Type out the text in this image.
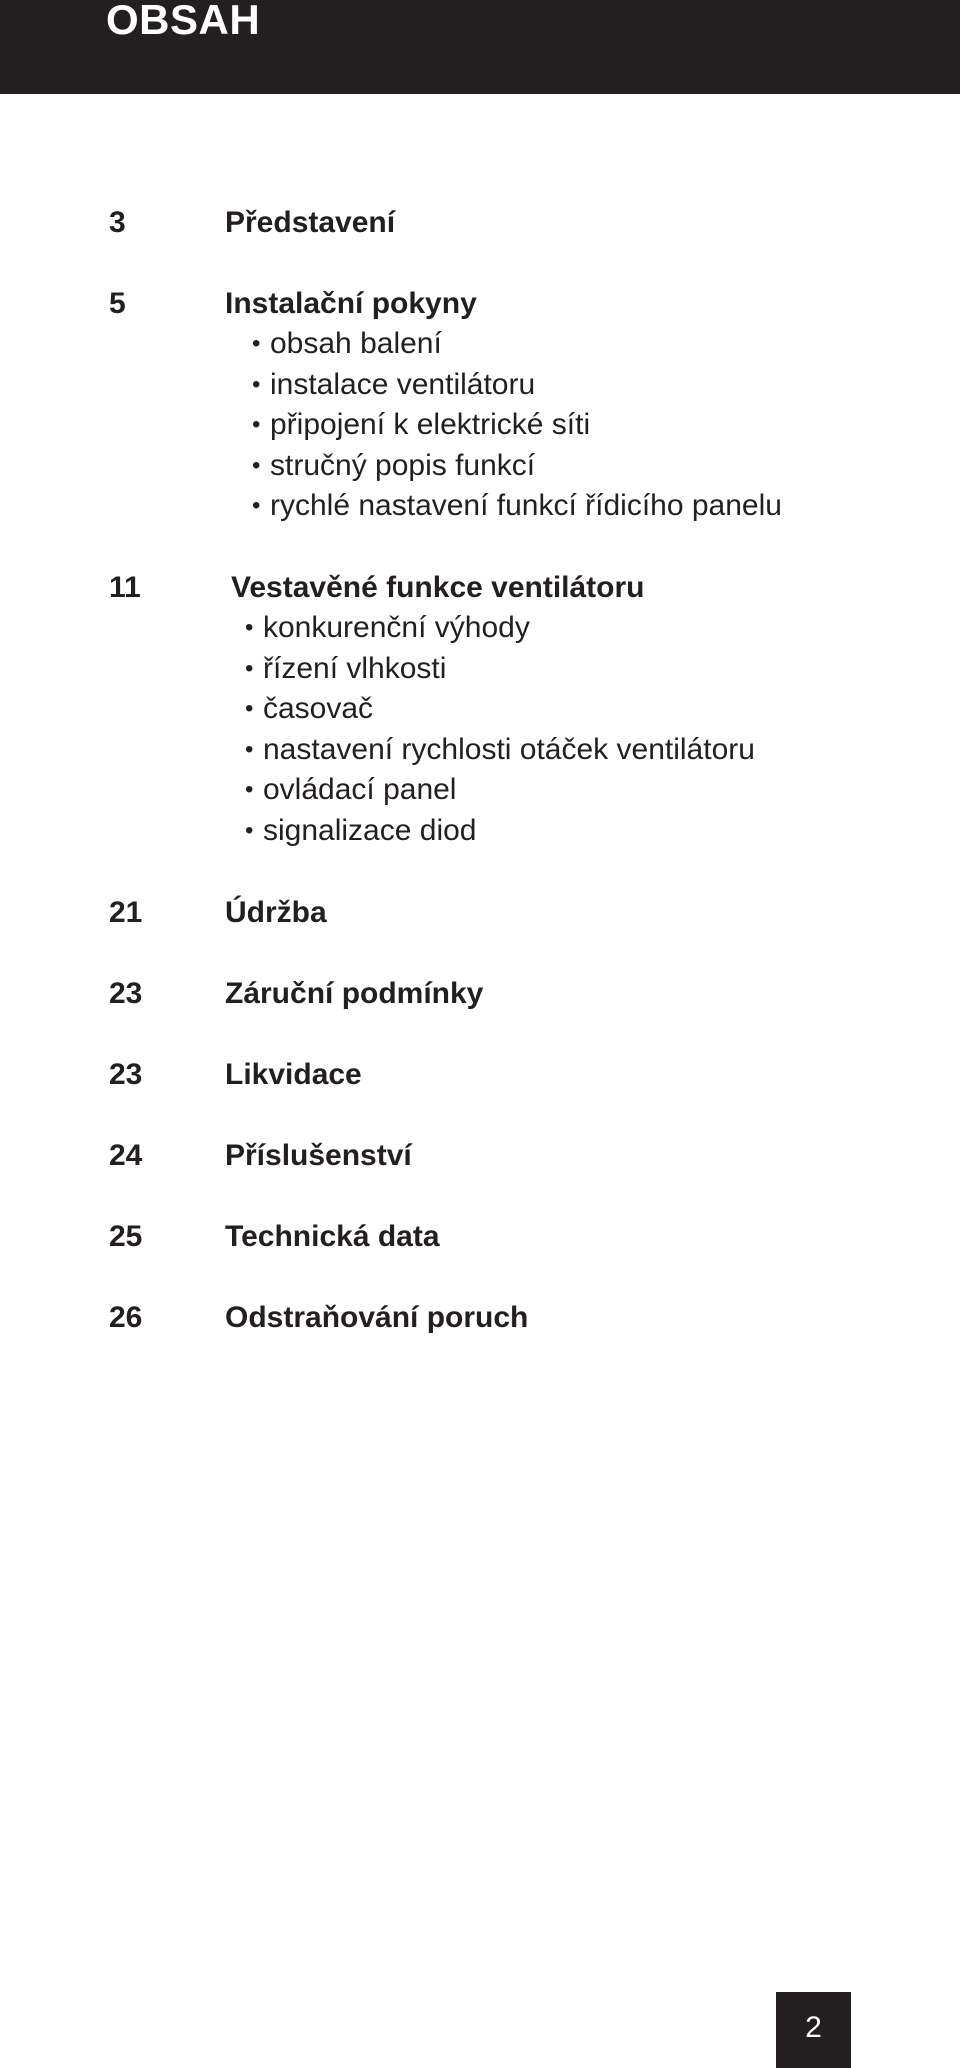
OBSAH
3	Představení
5	Instalační pokyny
• obsah balení
• instalace ventilátoru
• připojení k elektrické síti
• stručný popis funkcí
• rychlé nastavení funkcí řídicího panelu
11	Vestavěné funkce ventilátoru
• konkurenční výhody
• řízení vlhkosti
• časovač
• nastavení rychlosti otáček ventilátoru
• ovládací panel
• signalizace diod
21	Údržba
23	Záruční podmínky
23	Likvidace
24	Příslušenství
25	Technická data
26	Odstraňování poruch
2
